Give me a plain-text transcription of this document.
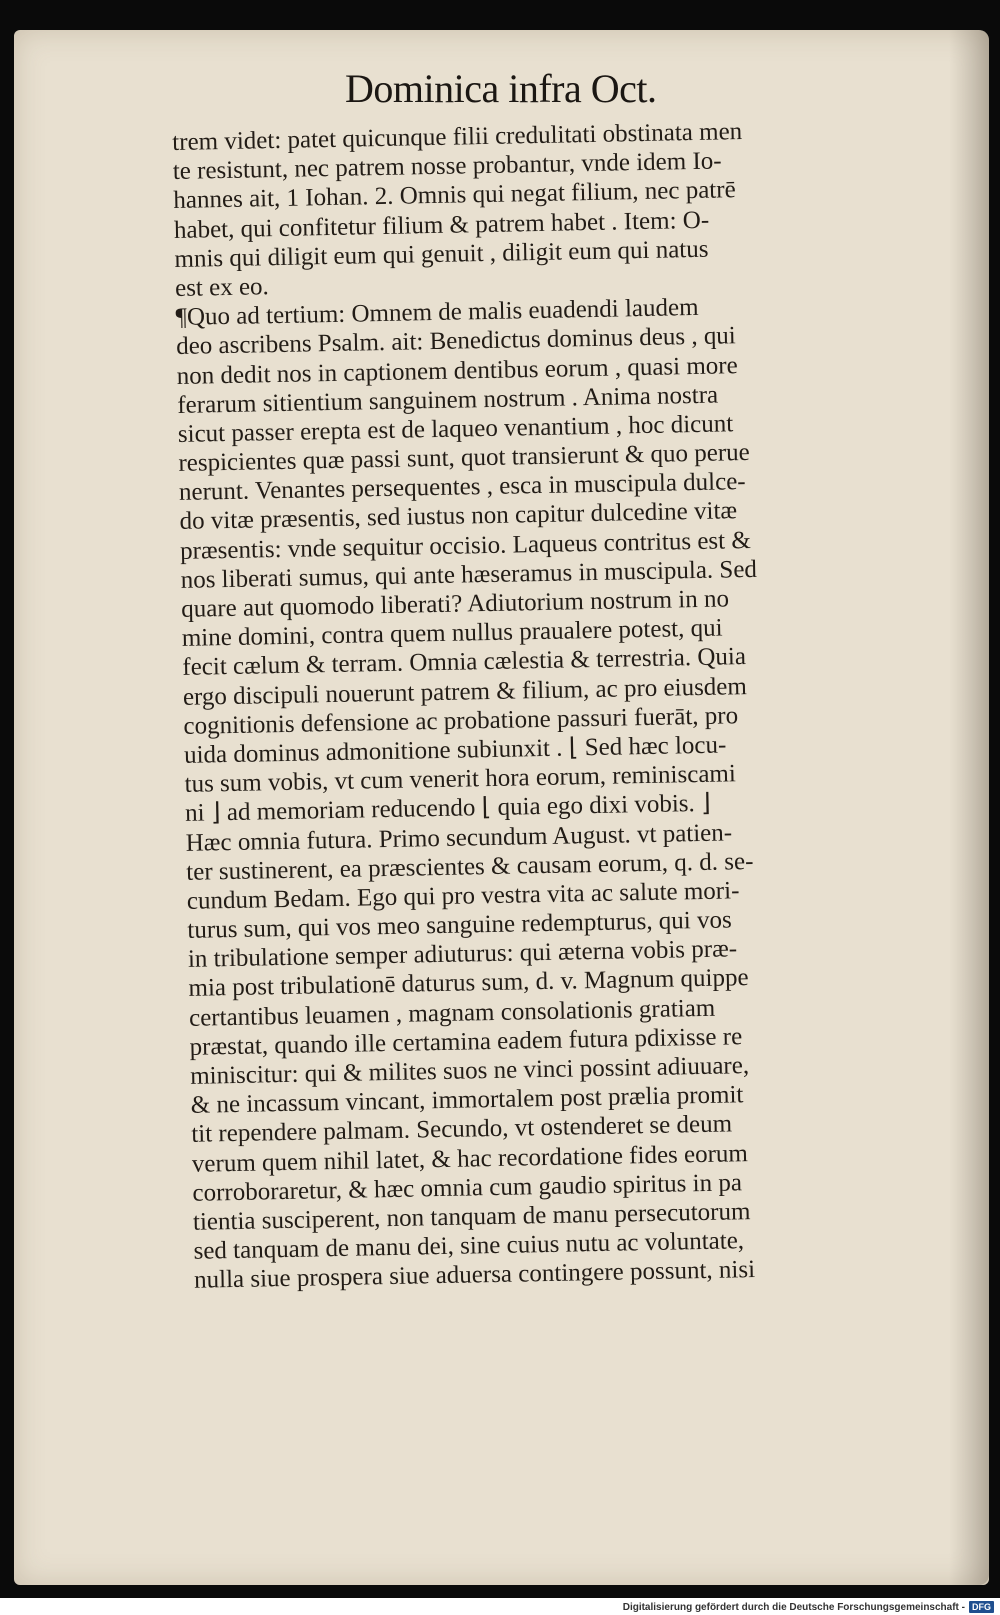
Dominica infra Oct.
trem videt: patet quicunque filii credulitati obstinata men
te resistunt, nec patrem nosse probantur, vnde idem Io-
hannes ait, 1 Iohan. 2. Omnis qui negat filium, nec patrē
habet, qui confitetur filium & patrem habet . Item: O-
mnis qui diligit eum qui genuit , diligit eum qui natus
est ex eo.
¶Quo ad tertium: Omnem de malis euadendi laudem
deo ascribens Psalm. ait: Benedictus dominus deus , qui
non dedit nos in captionem dentibus eorum , quasi more
ferarum sitientium sanguinem nostrum . Anima nostra
sicut passer erepta est de laqueo venantium , hoc dicunt
respicientes quæ passi sunt, quot transierunt & quo perue
nerunt. Venantes persequentes , esca in muscipula dulce-
do vitæ præsentis, sed iustus non capitur dulcedine vitæ
præsentis: vnde sequitur occisio. Laqueus contritus est &
nos liberati sumus, qui ante hæseramus in muscipula. Sed
quare aut quomodo liberati? Adiutorium nostrum in no
mine domini, contra quem nullus praualere potest, qui
fecit cælum & terram. Omnia cælestia & terrestria. Quia
ergo discipuli nouerunt patrem & filium, ac pro eiusdem
cognitionis defensione ac probatione passuri fuerāt, pro
uida dominus admonitione subiunxit . ⌊ Sed hæc locu-
tus sum vobis, vt cum venerit hora eorum, reminiscami
ni ⌋ ad memoriam reducendo ⌊ quia ego dixi vobis. ⌋
Hæc omnia futura. Primo secundum August. vt patien-
ter sustinerent, ea præscientes & causam eorum, q. d. se-
cundum Bedam. Ego qui pro vestra vita ac salute mori-
turus sum, qui vos meo sanguine redempturus, qui vos
in tribulatione semper adiuturus: qui æterna vobis præ-
mia post tribulationē daturus sum, d. v. Magnum quippe
certantibus leuamen , magnam consolationis gratiam
præstat, quando ille certamina eadem futura pdixisse re
miniscitur: qui & milites suos ne vinci possint adiuuare,
& ne incassum vincant, immortalem post prælia promit
tit rependere palmam. Secundo, vt ostenderet se deum
verum quem nihil latet, & hac recordatione fides eorum
corroboraretur, & hæc omnia cum gaudio spiritus in pa
tientia susciperent, non tanquam de manu persecutorum
sed tanquam de manu dei, sine cuius nutu ac voluntate,
nulla siue prospera siue aduersa contingere possunt, nisi
Digitalisierung gefördert durch die Deutsche Forschungsgemeinschaft - DFG
